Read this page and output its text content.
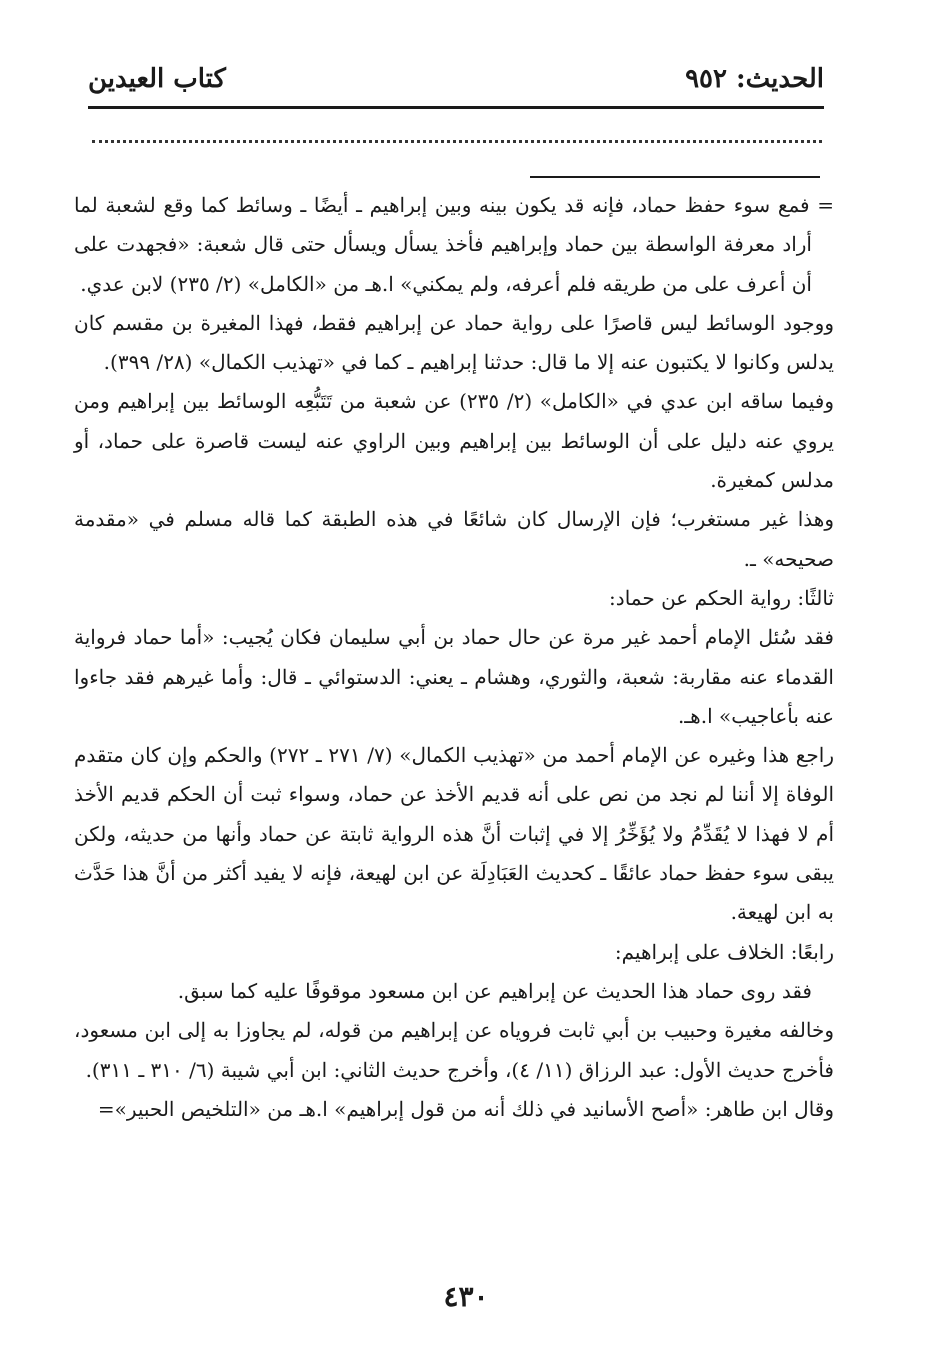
الحديث: ٩٥٢
كتاب العيدين

= فمع سوء حفظ حماد، فإنه قد يكون بينه وبين إبراهيم ـ أيضًا ـ وسائط كما وقع لشعبة لما أراد معرفة الواسطة بين حماد وإبراهيم فأخذ يسأل ويسأل حتى قال شعبة: «فجهدت على أن أعرف على من طريقه فلم أعرفه، ولم يمكني» ا.هـ من «الكامل» (٢/ ٢٣٥) لابن عدي.

ووجود الوسائط ليس قاصرًا على رواية حماد عن إبراهيم فقط، فهذا المغيرة بن مقسم كان يدلس وكانوا لا يكتبون عنه إلا ما قال: حدثنا إبراهيم ـ كما في «تهذيب الكمال» (٢٨/ ٣٩٩).

وفيما ساقه ابن عدي في «الكامل» (٢/ ٢٣٥) عن شعبة من تَتَبُّعِه الوسائط بين إبراهيم ومن يروي عنه دليل على أن الوسائط بين إبراهيم وبين الراوي عنه ليست قاصرة على حماد، أو مدلس كمغيرة.

وهذا غير مستغرب؛ فإن الإرسال كان شائعًا في هذه الطبقة كما قاله مسلم في «مقدمة صحيحه» ـ.

ثالثًا: رواية الحكم عن حماد:

فقد سُئل الإمام أحمد غير مرة عن حال حماد بن أبي سليمان فكان يُجيب: «أما حماد فرواية القدماء عنه مقاربة: شعبة، والثوري، وهشام ـ يعني: الدستوائي ـ قال: وأما غيرهم فقد جاءوا عنه بأعاجيب» ا.هـ.

راجع هذا وغيره عن الإمام أحمد من «تهذيب الكمال» (٧/ ٢٧١ ـ ٢٧٢) والحكم وإن كان متقدم الوفاة إلا أننا لم نجد من نص على أنه قديم الأخذ عن حماد، وسواء ثبت أن الحكم قديم الأخذ أم لا فهذا لا يُقَدِّمُ ولا يُؤَخِّرُ إلا في إثبات أنَّ هذه الرواية ثابتة عن حماد وأنها من حديثه، ولكن يبقى سوء حفظ حماد عائقًا ـ كحديث العَبَادِلَة عن ابن لهيعة، فإنه لا يفيد أكثر من أنَّ هذا حَدَّث به ابن لهيعة.

رابعًا: الخلاف على إبراهيم:

فقد روى حماد هذا الحديث عن إبراهيم عن ابن مسعود موقوفًا عليه كما سبق.

وخالفه مغيرة وحبيب بن أبي ثابت فروياه عن إبراهيم من قوله، لم يجاوزا به إلى ابن مسعود، فأخرج حديث الأول: عبد الرزاق (١١/ ٤)، وأخرج حديث الثاني: ابن أبي شيبة (٦/ ٣١٠ ـ ٣١١).

وقال ابن طاهر: «أصح الأسانيد في ذلك أنه من قول إبراهيم» ا.هـ من «التلخيص الحبير»=

٤٣٠
